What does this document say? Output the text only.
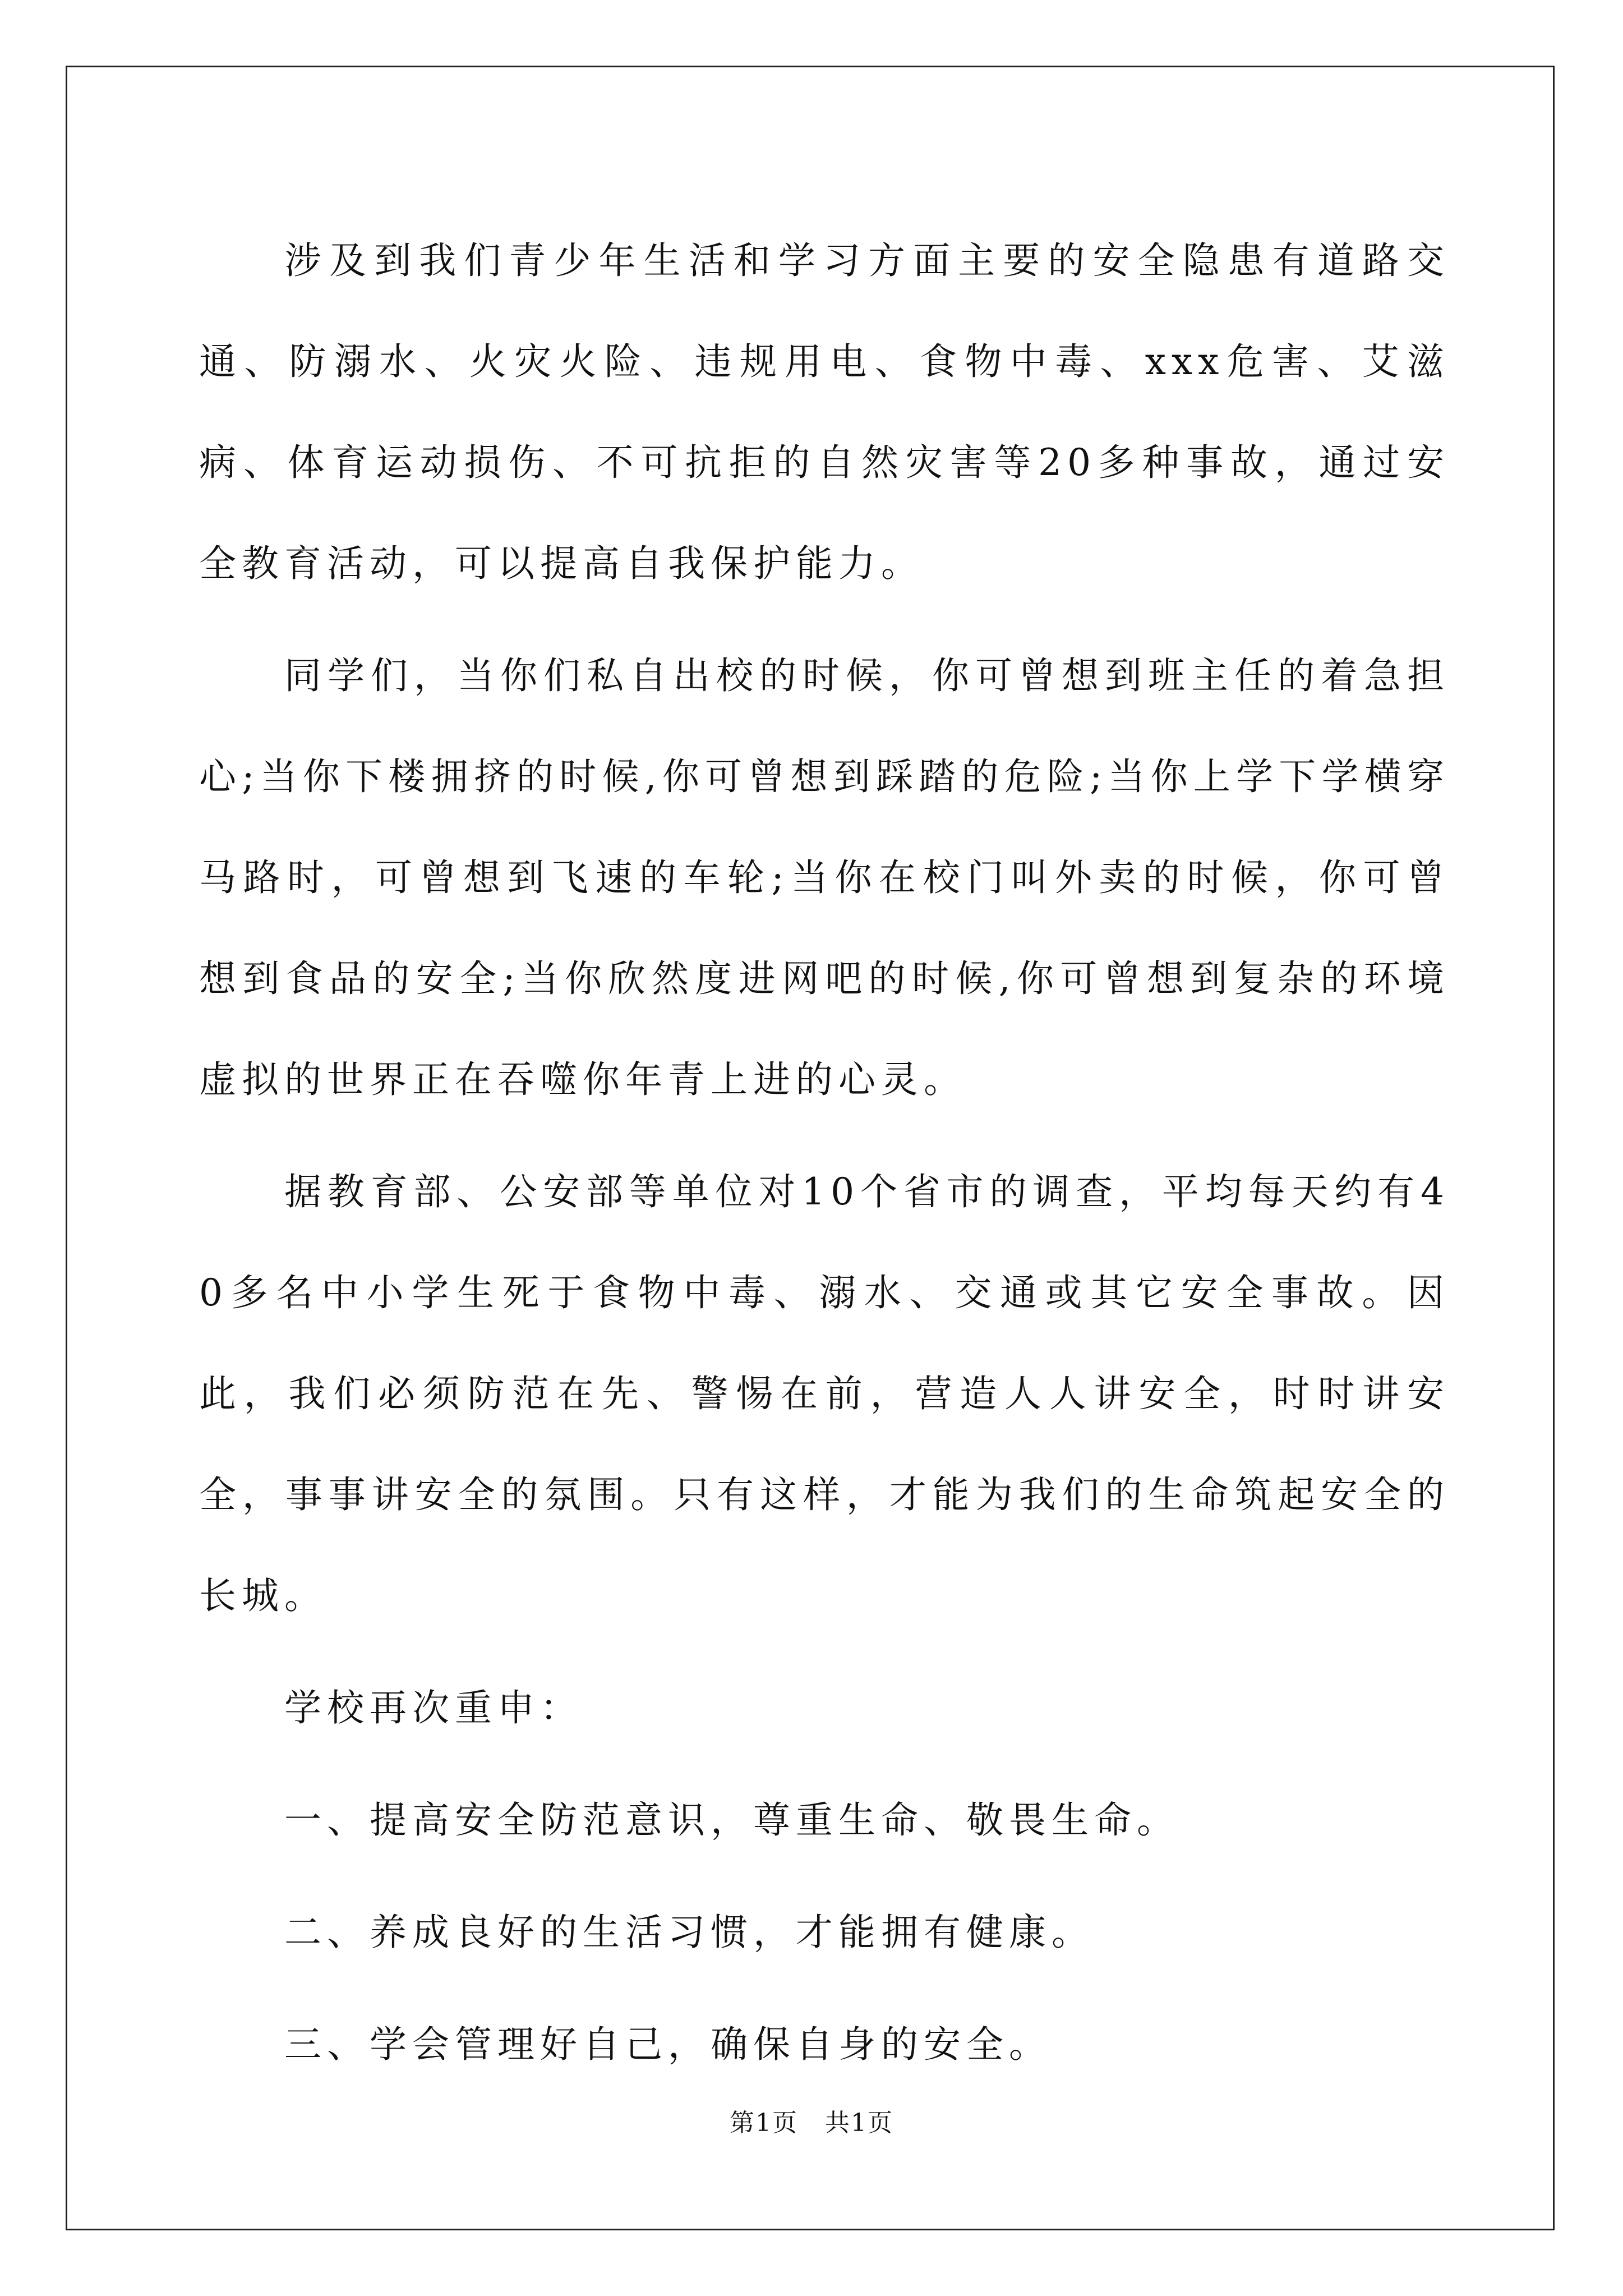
涉及到我们青少年生活和学习方面主要的安全隐患有道路交通、防溺水、火灾火险、违规用电、食物中毒、xxx危害、艾滋病、体育运动损伤、不可抗拒的自然灾害等20多种事故，通过安全教育活动，可以提高自我保护能力。

同学们，当你们私自出校的时候，你可曾想到班主任的着急担心;当你下楼拥挤的时候,你可曾想到踩踏的危险;当你上学下学横穿马路时，可曾想到飞速的车轮;当你在校门叫外卖的时候，你可曾想到食品的安全;当你欣然度进网吧的时候,你可曾想到复杂的环境虚拟的世界正在吞噬你年青上进的心灵。

据教育部、公安部等单位对10个省市的调查，平均每天约有40多名中小学生死于食物中毒、溺水、交通或其它安全事故。因此，我们必须防范在先、警惕在前，营造人人讲安全，时时讲安全，事事讲安全的氛围。只有这样，才能为我们的生命筑起安全的长城。

学校再次重申：

一、提高安全防范意识，尊重生命、敬畏生命。

二、养成良好的生活习惯，才能拥有健康。

三、学会管理好自己，确保自身的安全。

第1页 共1页
